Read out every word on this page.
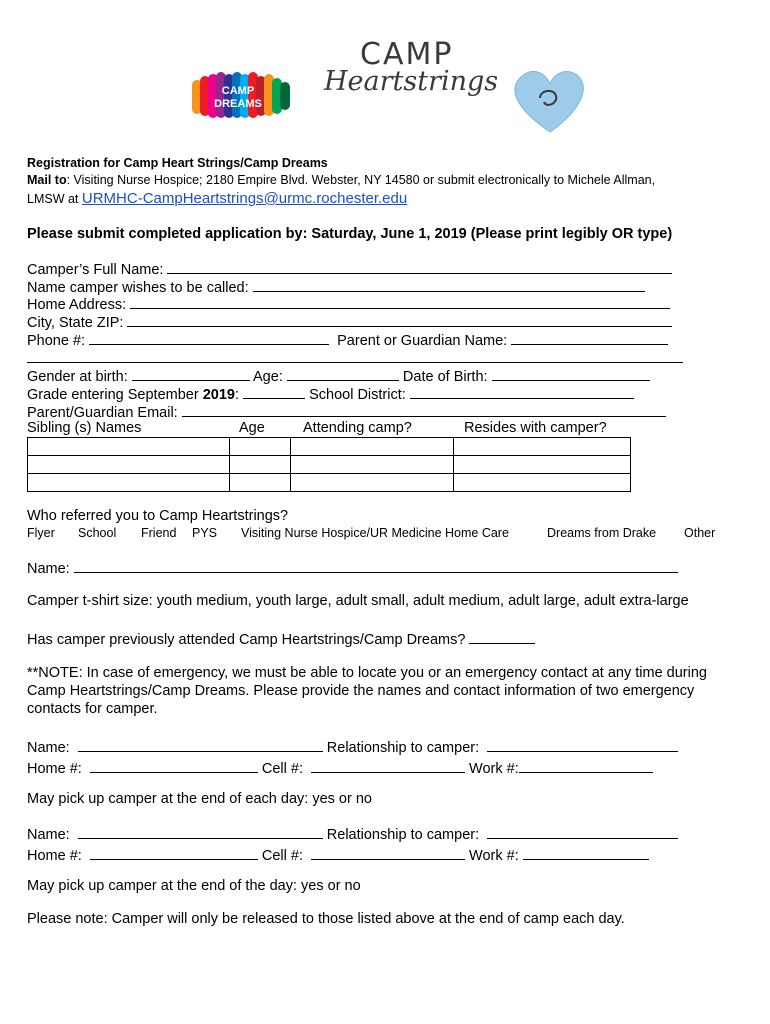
CAMP
DREAMS
CAMP
Heartstrings
Registration for Camp Heart Strings/Camp Dreams
Mail to: Visiting Nurse Hospice; 2180 Empire Blvd. Webster, NY 14580 or submit electronically to Michele Allman,
LMSW at URMHC-CampHeartstrings@urmc.rochester.edu
Please submit completed application by: Saturday, June 1, 2019 (Please print legibly OR type)
Camper’s Full Name:
Name camper wishes to be called:
Home Address:
City, State ZIP:
Phone #:	Parent or Guardian Name:
Gender at birth:	Age:	Date of Birth:
Grade entering September 2019:	School District:
Parent/Guardian Email:
Sibling (s) Names	Age	Attending camp?	Resides with camper?

Who referred you to Camp Heartstrings?
Flyer School Friend PYS Visiting Nurse Hospice/UR Medicine Home Care	Dreams from Drake Other
Name:
Camper t-shirt size: youth medium, youth large, adult small, adult medium, adult large, adult extra-large
Has camper previously attended Camp Heartstrings/Camp Dreams?
**NOTE: In case of emergency, we must be able to locate you or an emergency contact at any time during
Camp Heartstrings/Camp Dreams. Please provide the names and contact information of two emergency
contacts for camper.
Name:	Relationship to camper:
Home #:	Cell #:	Work #:
May pick up camper at the end of each day: yes or no
Name:	Relationship to camper:
Home #:	Cell #:	Work #:
May pick up camper at the end of the day: yes or no
Please note: Camper will only be released to those listed above at the end of camp each day.
